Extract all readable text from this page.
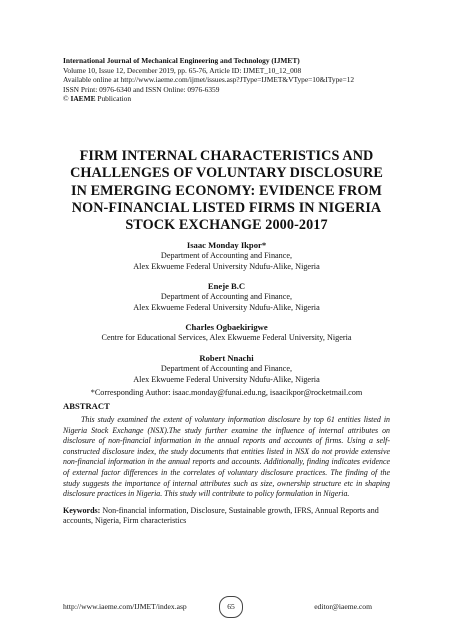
International Journal of Mechanical Engineering and Technology (IJMET)
Volume 10, Issue 12, December 2019, pp. 65-76, Article ID: IJMET_10_12_008
Available online at http://www.iaeme.com/ijmet/issues.asp?JType=IJMET&VType=10&IType=12
ISSN Print: 0976-6340 and ISSN Online: 0976-6359
© IAEME Publication
FIRM INTERNAL CHARACTERISTICS AND
CHALLENGES OF VOLUNTARY DISCLOSURE
IN EMERGING ECONOMY: EVIDENCE FROM
NON-FINANCIAL LISTED FIRMS IN NIGERIA
STOCK EXCHANGE 2000-2017
Isaac Monday Ikpor*
Department of Accounting and Finance,
Alex Ekwueme Federal University Ndufu-Alike, Nigeria
Eneje B.C
Department of Accounting and Finance,
Alex Ekwueme Federal University Ndufu-Alike, Nigeria
Charles Ogbaekirigwe
Centre for Educational Services, Alex Ekwueme Federal University, Nigeria
Robert Nnachi
Department of Accounting and Finance,
Alex Ekwueme Federal University Ndufu-Alike, Nigeria
*Corresponding Author: isaac.monday@funai.edu.ng, isaacikpor@rocketmail.com
ABSTRACT
This study examined the extent of voluntary information disclosure by top 61 entities listed in Nigeria Stock Exchange (NSX).The study further examine the influence of internal attributes on disclosure of non-financial information in the annual reports and accounts of firms. Using a self-constructed disclosure index, the study documents that entities listed in NSX do not provide extensive non-financial information in the annual reports and accounts. Additionally, finding indicates evidence of external factor differences in the correlates of voluntary disclosure practices. The finding of the study suggests the importance of internal attributes such as size, ownership structure etc in shaping disclosure practices in Nigeria. This study will contribute to policy formulation in Nigeria.
Keywords: Non-financial information, Disclosure, Sustainable growth, IFRS, Annual Reports and accounts, Nigeria, Firm characteristics
http://www.iaeme.com/IJMET/index.asp	65	editor@iaeme.com
